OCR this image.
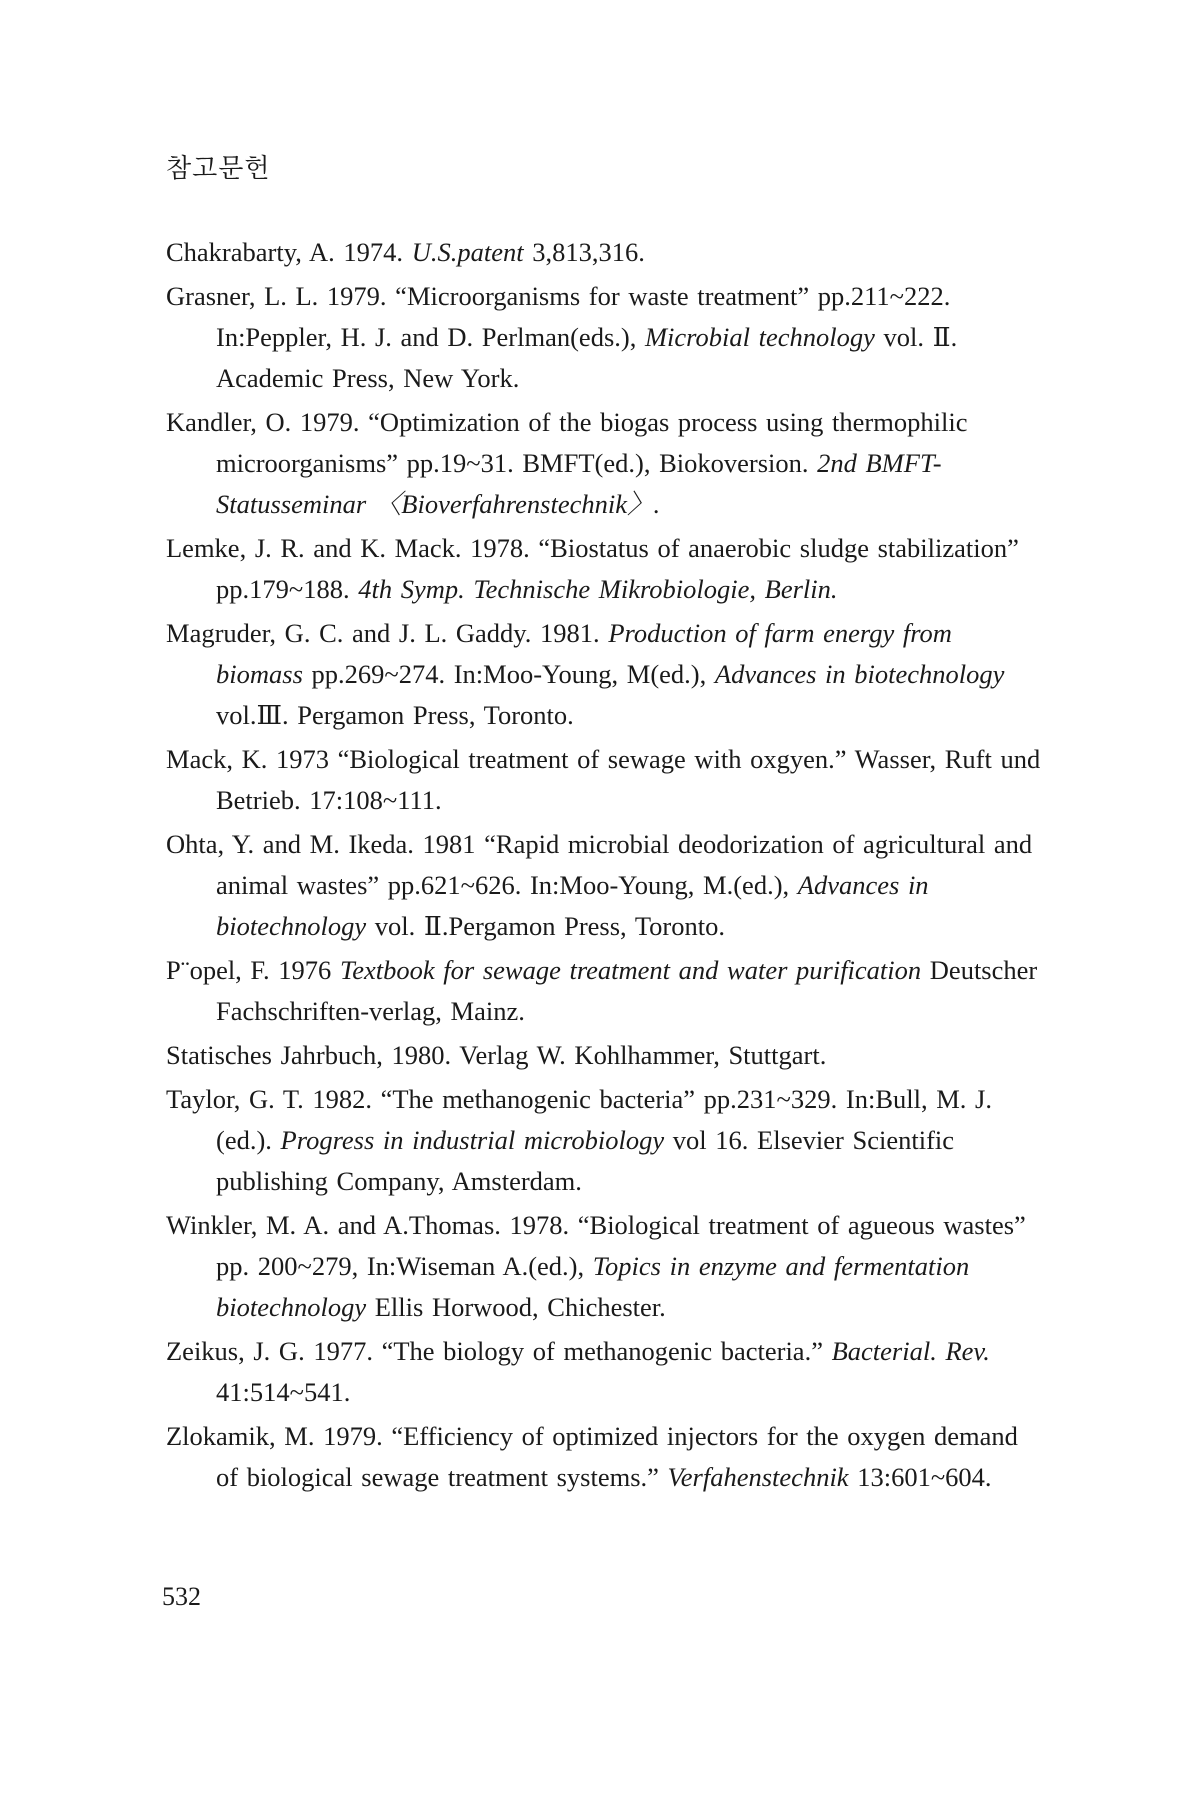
참고문헌
Chakrabarty, A. 1974. U.S.patent 3,813,316.
Grasner, L. L. 1979. “Microorganisms for waste treatment” pp.211~222. In:Peppler, H. J. and D. Perlman(eds.), Microbial technology vol. Ⅱ. Academic Press, New York.
Kandler, O. 1979. “Optimization of the biogas process using thermophilic microorganisms” pp.19~31. BMFT(ed.), Biokoversion. 2nd BMFT-Statusseminar 〈Bioverfahrenstechnik〉.
Lemke, J. R. and K. Mack. 1978. “Biostatus of anaerobic sludge stabilization” pp.179~188. 4th Symp. Technische Mikrobiologie, Berlin.
Magruder, G. C. and J. L. Gaddy. 1981. Production of farm energy from biomass pp.269~274. In:Moo-Young, M(ed.), Advances in biotechnology vol.Ⅲ. Pergamon Press, Toronto.
Mack, K. 1973 “Biological treatment of sewage with oxgyen.” Wasser, Ruft und Betrieb. 17:108~111.
Ohta, Y. and M. Ikeda. 1981 “Rapid microbial deodorization of agricultural and animal wastes” pp.621~626. In:Moo-Young, M.(ed.), Advances in biotechnology vol. Ⅱ.Pergamon Press, Toronto.
P¨opel, F. 1976 Textbook for sewage treatment and water purification Deutscher Fachschriften-verlag, Mainz.
Statisches Jahrbuch, 1980. Verlag W. Kohlhammer, Stuttgart.
Taylor, G. T. 1982. “The methanogenic bacteria” pp.231~329. In:Bull, M. J. (ed.). Progress in industrial microbiology vol 16. Elsevier Scientific publishing Company, Amsterdam.
Winkler, M. A. and A.Thomas. 1978. “Biological treatment of agueous wastes” pp. 200~279, In:Wiseman A.(ed.), Topics in enzyme and fermentation biotechnology Ellis Horwood, Chichester.
Zeikus, J. G. 1977. “The biology of methanogenic bacteria.” Bacterial. Rev. 41:514~541.
Zlokamik, M. 1979. “Efficiency of optimized injectors for the oxygen demand of biological sewage treatment systems.” Verfahenstechnik 13:601~604.
532
